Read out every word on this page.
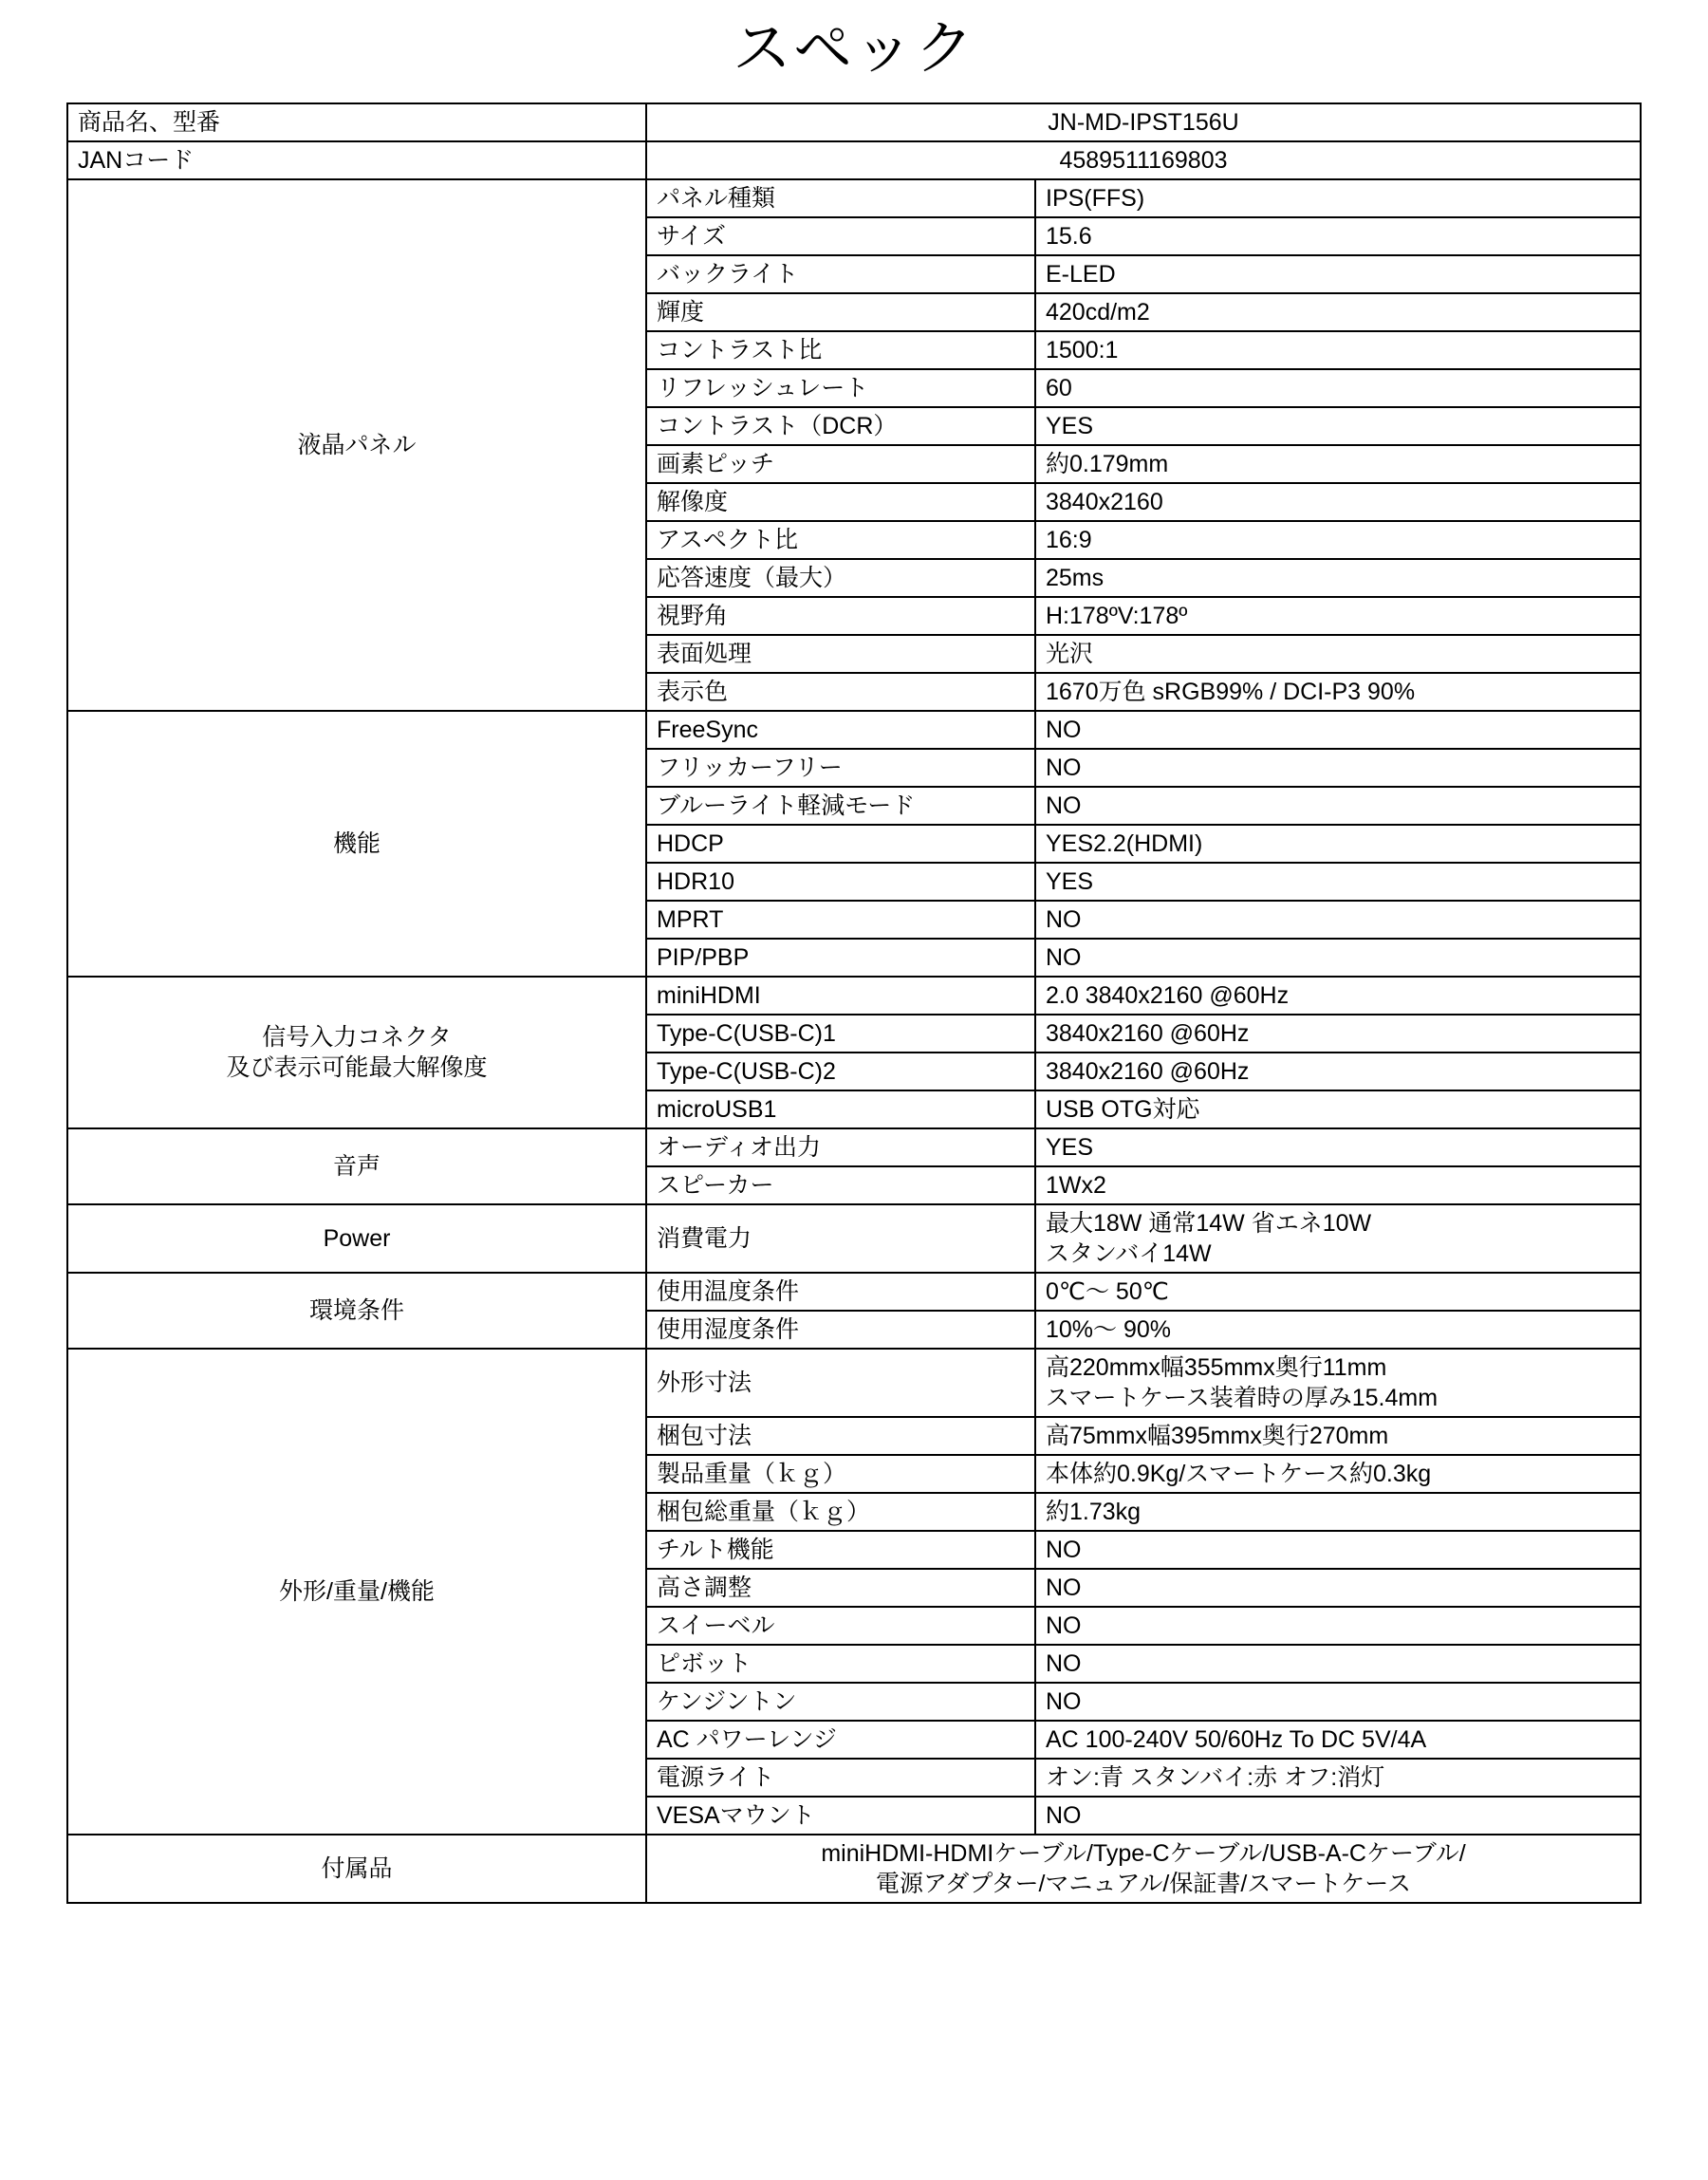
スペック
商品名、型番	JN-MD-IPST156U	
JANコード	4589511169803	
液晶パネル	パネル種類	IPS(FFS)
	サイズ	15.6
	バックライト	E-LED
	輝度	420cd/m2
	コントラスト比	1500:1
	リフレッシュレート	60
	コントラスト（DCR）	YES
	画素ピッチ	約0.179mm
	解像度	3840x2160
	アスペクト比	16:9
	応答速度（最大）	25ms
	視野角	H:178ºV:178º
	表面処理	光沢
	表示色	1670万色 sRGB99% / DCI-P3 90%
機能	FreeSync	NO
	フリッカーフリー	NO
	ブルーライト軽減モード	NO
	HDCP	YES2.2(HDMI)
	HDR10	YES
	MPRT	NO
	PIP/PBP	NO

信号入力コネクタ
及び表示可能最大解像度	miniHDMI	2.0 3840x2160 @60Hz
	Type-C(USB-C)1	3840x2160 @60Hz
	Type-C(USB-C)2	3840x2160 @60Hz
	microUSB1	USB OTG対応
音声	オーディオ出力	YES
	スピーカー	1Wx2
Power	消費電力	最大18W 通常14W 省エネ10W
スタンバイ14W

環境条件	使用温度条件	0℃～ 50℃
	使用湿度条件	10%～ 90%
外形/重量/機能	外形寸法	高220mmx幅355mmx奥行11mm
スマートケース装着時の厚み15.4mm

	梱包寸法	高75mmx幅395mmx奥行270mm
	製品重量（ｋｇ）	本体約0.9Kg/スマートケース約0.3kg
	梱包総重量（ｋｇ）	約1.73kg
	チルト機能	NO
	高さ調整	NO
	スイーベル	NO
	ピボット	NO
	ケンジントン	NO
	AC パワーレンジ	AC 100-240V 50/60Hz To DC 5V/4A
	電源ライト	オン:青 スタンバイ:赤 オフ:消灯
	VESAマウント	NO
付属品	miniHDMI-HDMIケーブル/Type-Cケーブル/USB-A-Cケーブル/
電源アダプター/マニュアル/保証書/スマートケース	
